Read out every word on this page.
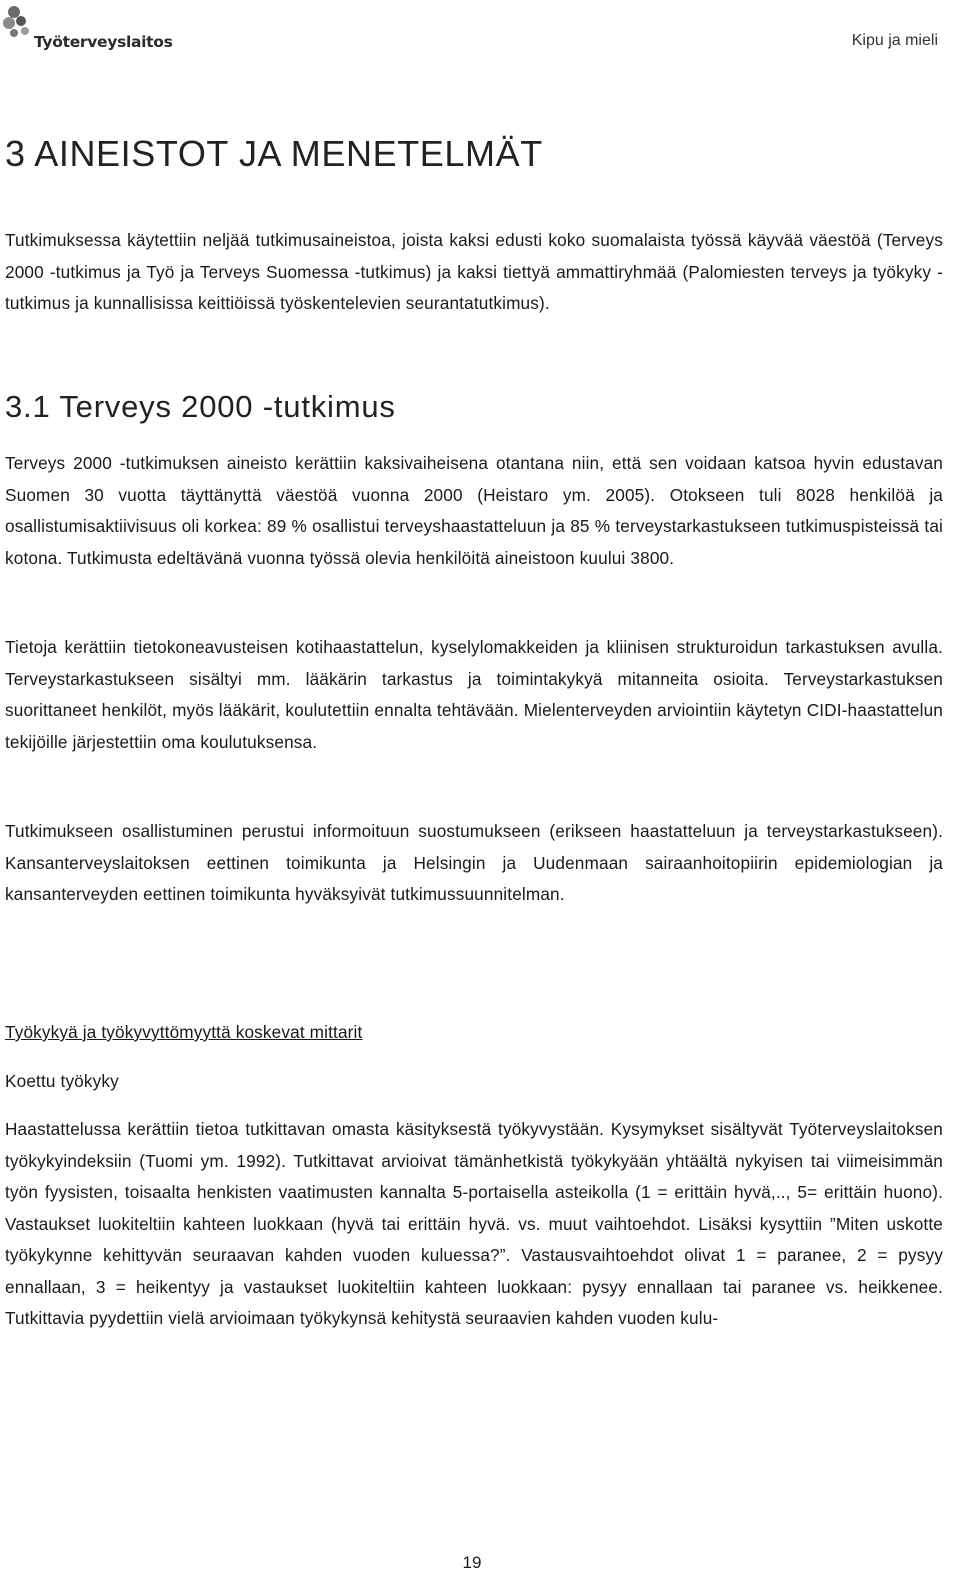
Työterveyslaitos	Kipu ja mieli
3 AINEISTOT JA MENETELMÄT

Tutkimuksessa käytettiin neljää tutkimusaineistoa, joista kaksi edusti koko suomalaista työssä käyvää väestöä (Terveys 2000 -tutkimus ja Työ ja Terveys Suomessa -tutkimus) ja kaksi tiettyä ammattiryhmää (Palomiesten terveys ja työkyky -tutkimus ja kunnallisissa keittiöissä työskentelevien seurantatutkimus).

3.1 Terveys 2000 -tutkimus

Terveys 2000 -tutkimuksen aineisto kerättiin kaksivaiheisena otantana niin, että sen voidaan katsoa hyvin edustavan Suomen 30 vuotta täyttänyttä väestöä vuonna 2000 (Heistaro ym. 2005). Otokseen tuli 8028 henkilöä ja osallistumisaktiivisuus oli korkea: 89 % osallistui terveyshaastatteluun ja 85 % terveystarkastukseen tutkimuspisteissä tai kotona. Tutkimusta edeltävänä vuonna työssä olevia henkilöitä aineistoon kuului 3800.

Tietoja kerättiin tietokoneavusteisen kotihaastattelun, kyselylomakkeiden ja kliinisen strukturoidun tarkastuksen avulla. Terveystarkastukseen sisältyi mm. lääkärin tarkastus ja toimintakykyä mitanneita osioita. Terveystarkastuksen suorittaneet henkilöt, myös lääkärit, koulutettiin ennalta tehtävään. Mielenterveyden arviointiin käytetyn CIDI-haastattelun tekijöille järjestettiin oma koulutuksensa.

Tutkimukseen osallistuminen perustui informoituun suostumukseen (erikseen haastatteluun ja terveystarkastukseen). Kansanterveyslaitoksen eettinen toimikunta ja Helsingin ja Uudenmaan sairaanhoitopiirin epidemiologian ja kansanterveyden eettinen toimikunta hyväksyivät tutkimussuunnitelman.

Työkykyä ja työkyvyttömyyttä koskevat mittarit
Koettu työkyky

Haastattelussa kerättiin tietoa tutkittavan omasta käsityksestä työkyvystään. Kysymykset sisältyvät Työterveyslaitoksen työkykyindeksiin (Tuomi ym. 1992). Tutkittavat arvioivat tämänhetkistä työkykyään yhtäältä nykyisen tai viimeisimmän työn fyysisten, toisaalta henkisten vaatimusten kannalta 5-portaisella asteikolla (1 = erittäin hyvä,.., 5= erittäin huono). Vastaukset luokiteltiin kahteen luokkaan (hyvä tai erittäin hyvä. vs. muut vaihtoehdot. Lisäksi kysyttiin ”Miten uskotte työkykynne kehittyvän seuraavan kahden vuoden kuluessa?”. Vastausvaihtoehdot olivat 1 = paranee, 2 = pysyy ennallaan, 3 = heikentyy ja vastaukset luokiteltiin kahteen luokkaan: pysyy ennallaan tai paranee vs. heikkenee. Tutkittavia pyydettiin vielä arvioimaan työkykynsä kehitystä seuraavien kahden vuoden kulu-

19
